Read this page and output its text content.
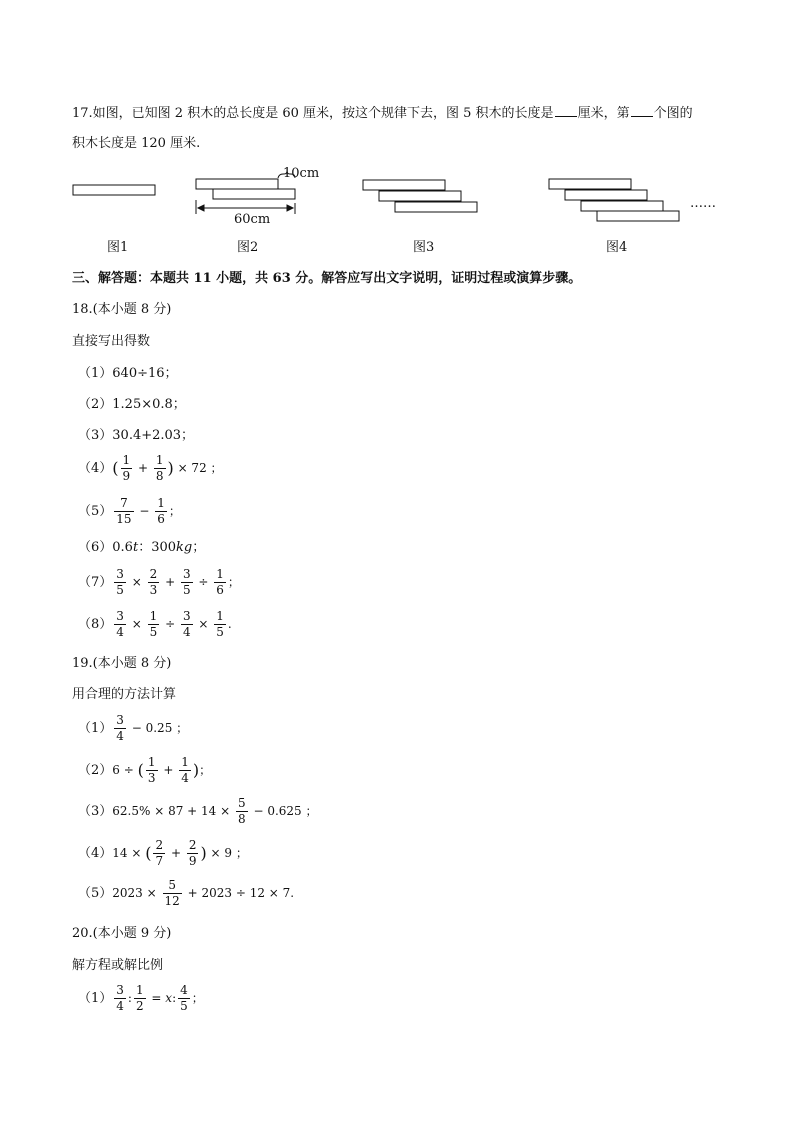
17.如图，已知图 2 积木的总长度是 60 厘米，按这个规律下去，图 5 积木的长度是 厘米，第 个图的
积木长度是 120 厘米.
10cm
60cm
……
图1	图2	图3	图4
三、解答题：本题共 11 小题，共 63 分。解答应写出文字说明，证明过程或演算步骤。
18.(本小题 8 分)
直接写出得数
（1）640÷16；
（2）1.25×0.8；
（3）30.4+2.03；
$(4)( \frac{1}{9} + \frac{1}{8}$ ) × 72 ；
$(5) \frac{7}{15} - \frac{1}{6}$ ；
（6）0.6t：300kg；
$(7) \frac{3}{5} \times \frac{2}{3} + \frac{3}{5} \div \frac{1}{6}$ ；
$(8) \frac{3}{4} \times \frac{1}{5} \div \frac{3}{4} \times \frac{1}{5}$ .
19.(本小题 8 分)
用合理的方法计算
$(1) \frac{3}{4} - 0.25$ ；
（2）6 ÷ ( $\frac{1}{3} + \frac{1}{4}$ )；
$(3)62.5\% \times 87 + 14 \times \frac{5}{8} - 0.625$ ；
（4）14 × ( $\frac{2}{7} + \frac{2}{9}$ ) × 9 ；
$(5)2023 \times \frac{5}{12} + 2023 \div 12 \times 7$.
20.(本小题 9 分)
解方程或解比例
$(1) \frac{3}{4}$ : $\frac{1}{2} = x$: $\frac{4}{5}$ ；
